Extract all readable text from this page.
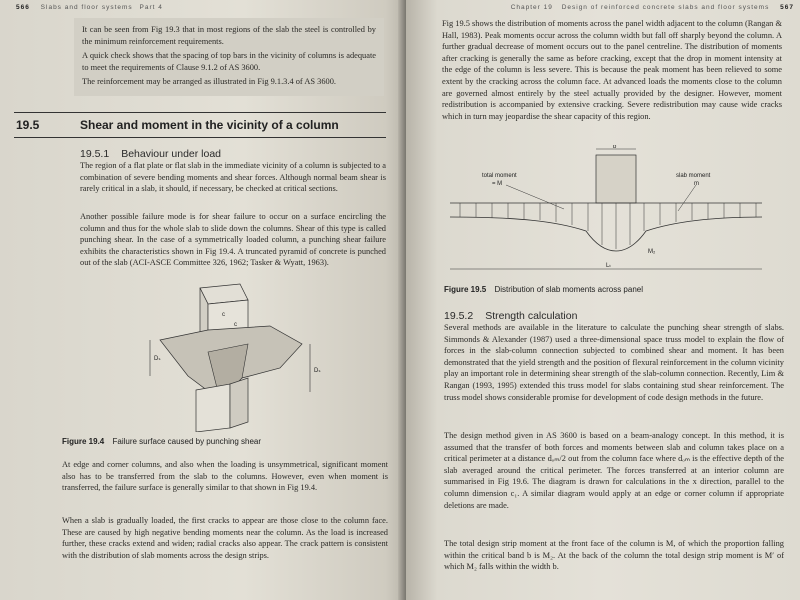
566 Slabs and floor systems Part 4

It can be seen from Fig 19.3 that in most regions of the slab the steel is controlled by the minimum reinforcement requirements.

A quick check shows that the spacing of top bars in the vicinity of columns is adequate to meet the requirements of Clause 9.1.2 of AS 3600.

The reinforcement may be arranged as illustrated in Fig 9.1.3.4 of AS 3600.

19.5	Shear and moment in the vicinity of a column
19.5.1 Behaviour under load

The region of a flat plate or flat slab in the immediate vicinity of a column is subjected to a combination of severe bending moments and shear forces. Although normal beam shear is rarely critical in a slab, it should, if necessary, be checked at critical sections.

Another possible failure mode is for shear failure to occur on a surface encircling the column and thus for the whole slab to slide down the columns. Shear of this type is called punching shear. In the case of a symmetrically loaded column, a punching shear failure exhibits the characteristics shown in Fig 19.4. A truncated pyramid of concrete is punched out of the slab (ACI-ASCE Committee 326, 1962; Tasker & Wyatt, 1963).

c
c
Dₛ
Dₛ
Figure 19.4 Failure surface caused by punching shear

At edge and corner columns, and also when the loading is unsymmetrical, significant moment also has to be transferred from the slab to the columns. However, even when moment is transferred, the failure surface is generally similar to that shown in Fig 19.4.

When a slab is gradually loaded, the first cracks to appear are those close to the column face. These are caused by high negative bending moments near the column. As the load is increased further, these cracks extend and widen; radial cracks also appear. The crack pattern is consistent with the distribution of slab moments across the design strips.

Chapter 19 Design of reinforced concrete slabs and floor systems 567

Fig 19.5 shows the distribution of moments across the panel width adjacent to the column (Rangan & Hall, 1983). Peak moments occur across the column width but fall off sharply beyond the column. A further gradual decrease of moment occurs out to the panel centreline. The distribution of moments after cracking is generally the same as before cracking, except that the drop in moment intensity at the edge of the column is less severe. This is because the peak moment has been relieved to some extent by the cracking across the column face. At advanced loads the moments close to the column are governed almost entirely by the steel actually provided by the designer. However, moment redistribution is accompanied by extensive cracking. Severe redistribution may cause wide cracks which in turn may jeopardise the shear capacity of this region.

b
total moment
= M
slab moment
m
M₂
Lₜ
Figure 19.5 Distribution of slab moments across panel
19.5.2 Strength calculation

Several methods are available in the literature to calculate the punching shear strength of slabs. Simmonds & Alexander (1987) used a three-dimensional space truss model to explain the flow of forces in the slab-column connection subjected to combined shear and moment. It has been demonstrated that the yield strength and the position of flexural reinforcement in the column vicinity play an important role in determining shear strength of the slab-column connection. Recently, Lim & Rangan (1993, 1995) extended this truss model for slabs containing stud shear reinforcement. The truss model shows considerable promise for development of code design methods in the future.

The design method given in AS 3600 is based on a beam-analogy concept. In this method, it is assumed that the transfer of both forces and moments between slab and column takes place on a critical perimeter at a distance dₒₘ/2 out from the column face where dₒₘ is the effective depth of the slab averaged around the critical perimeter. The forces transferred at an interior column are summarised in Fig 19.6. The diagram is drawn for calculations in the x direction, parallel to the column dimension c₁. A similar diagram would apply at an edge or corner column if appropriate deletions are made.

The total design strip moment at the front face of the column is M, of which the proportion falling within the critical band b is M₂. At the back of the column the total design strip moment is M′ of which M₂ falls within the width b.
